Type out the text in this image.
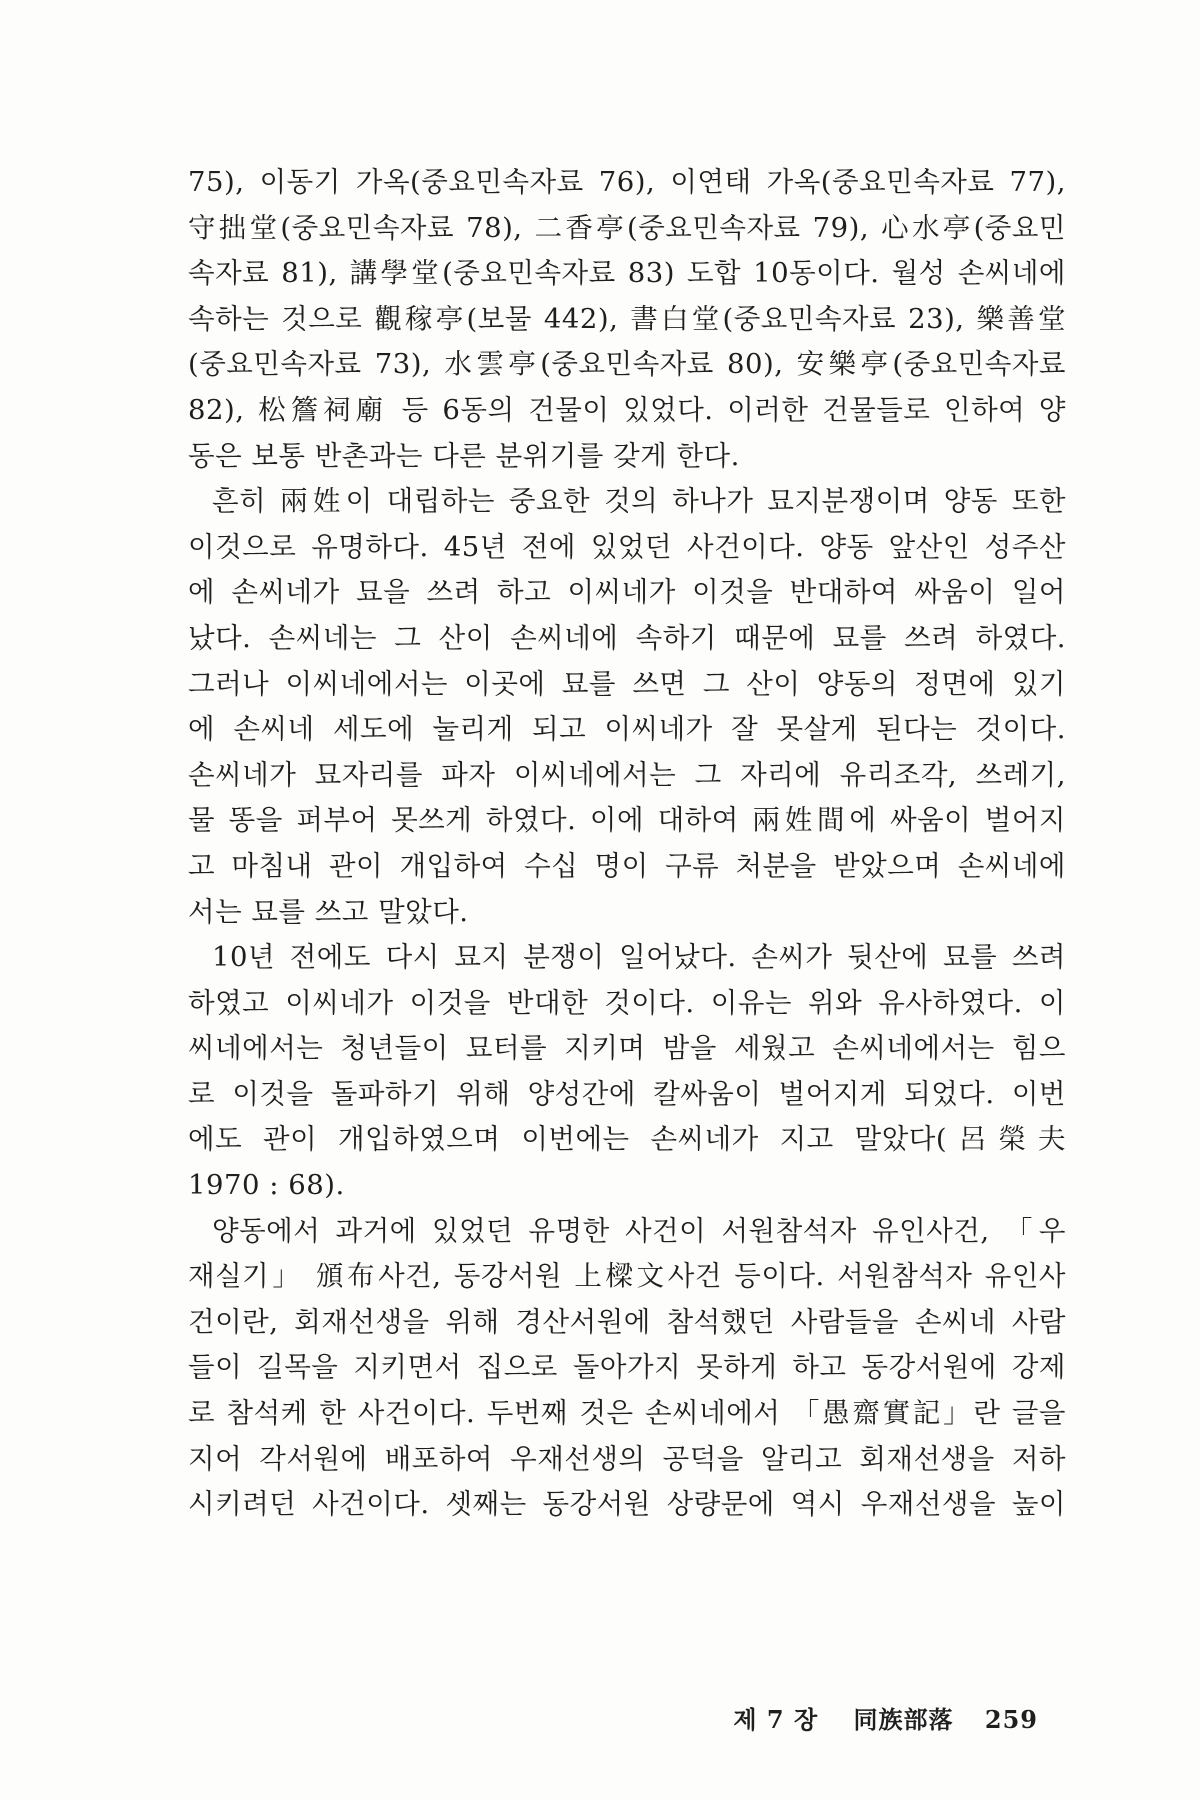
75), 이동기 가옥(중요민속자료 76), 이연태 가옥(중요민속자료 77),
守拙堂(중요민속자료 78), 二香亭(중요민속자료 79), 心水亭(중요민
속자료 81), 講學堂(중요민속자료 83) 도합 10동이다. 월성 손씨네에
속하는 것으로 觀稼亭(보물 442), 書白堂(중요민속자료 23), 樂善堂
(중요민속자료 73), 水雲亭(중요민속자료 80), 安樂亭(중요민속자료
82), 松簷祠廟 등 6동의 건물이 있었다. 이러한 건물들로 인하여 양
동은 보통 반촌과는 다른 분위기를 갖게 한다.
흔히 兩姓이 대립하는 중요한 것의 하나가 묘지분쟁이며 양동 또한
이것으로 유명하다. 45년 전에 있었던 사건이다. 양동 앞산인 성주산
에 손씨네가 묘을 쓰려 하고 이씨네가 이것을 반대하여 싸움이 일어
났다. 손씨네는 그 산이 손씨네에 속하기 때문에 묘를 쓰려 하였다.
그러나 이씨네에서는 이곳에 묘를 쓰면 그 산이 양동의 정면에 있기
에 손씨네 세도에 눌리게 되고 이씨네가 잘 못살게 된다는 것이다.
손씨네가 묘자리를 파자 이씨네에서는 그 자리에 유리조각, 쓰레기,
물 똥을 퍼부어 못쓰게 하였다. 이에 대하여 兩姓間에 싸움이 벌어지
고 마침내 관이 개입하여 수십 명이 구류 처분을 받았으며 손씨네에
서는 묘를 쓰고 말았다.
10년 전에도 다시 묘지 분쟁이 일어났다. 손씨가 뒷산에 묘를 쓰려
하였고 이씨네가 이것을 반대한 것이다. 이유는 위와 유사하였다. 이
씨네에서는 청년들이 묘터를 지키며 밤을 세웠고 손씨네에서는 힘으
로 이것을 돌파하기 위해 양성간에 칼싸움이 벌어지게 되었다. 이번
에도 관이 개입하였으며 이번에는 손씨네가 지고 말았다(呂榮夫
1970 : 68).
양동에서 과거에 있었던 유명한 사건이 서원참석자 유인사건, 「우
재실기」 頒布사건, 동강서원 上樑文사건 등이다. 서원참석자 유인사
건이란, 회재선생을 위해 경산서원에 참석했던 사람들을 손씨네 사람
들이 길목을 지키면서 집으로 돌아가지 못하게 하고 동강서원에 강제
로 참석케 한 사건이다. 두번째 것은 손씨네에서 「愚齋實記」란 글을
지어 각서원에 배포하여 우재선생의 공덕을 알리고 회재선생을 저하
시키려던 사건이다. 셋째는 동강서원 상량문에 역시 우재선생을 높이
제 7 장 同族部落 259
